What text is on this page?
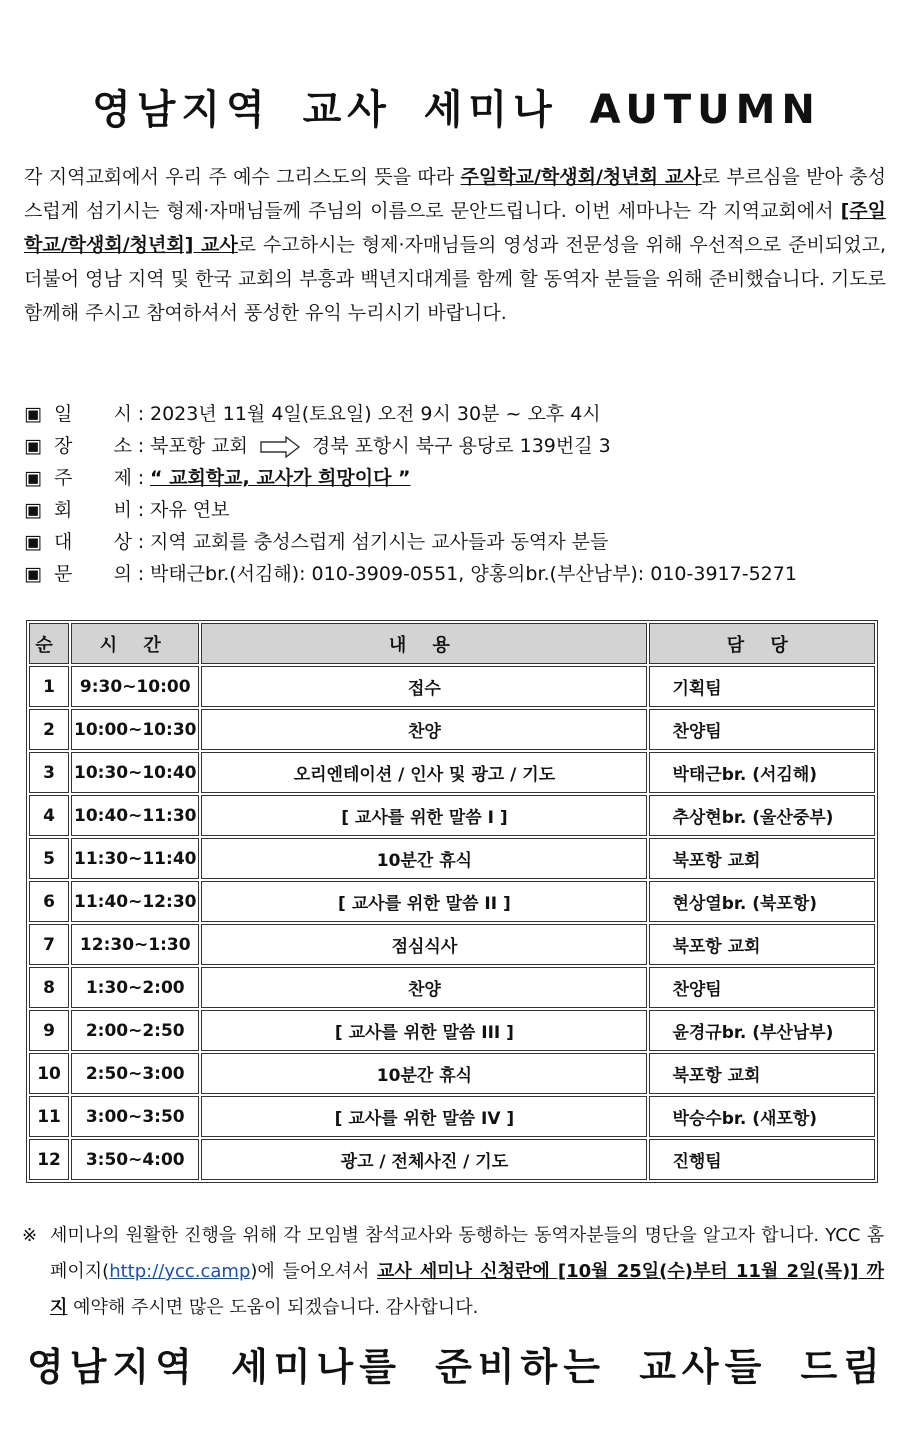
영남지역 교사 세미나 AUTUMN
각 지역교회에서 우리 주 예수 그리스도의 뜻을 따라 주일학교/학생회/청년회 교사로 부르심을 받아 충성스럽게 섬기시는 형제·자매님들께 주님의 이름으로 문안드립니다. 이번 세마나는 각 지역교회에서 [주일학교/학생회/청년회] 교사로 수고하시는 형제·자매님들의 영성과 전문성을 위해 우선적으로 준비되었고, 더불어 영남 지역 및 한국 교회의 부흥과 백년지대계를 함께 할 동역자 분들을 위해 준비했습니다. 기도로 함께해 주시고 참여하셔서 풍성한 유익 누리시기 바랍니다.
▣ 일 시 : 2023년 11월 4일(토요일) 오전 9시 30분 ~ 오후 4시
▣ 장 소 : 북포항 교회	경북 포항시 북구 용당로 139번길 3
▣ 주 제 : “ 교회학교, 교사가 희망이다 ”
▣ 회 비 : 자유 연보
▣ 대 상 : 지역 교회를 충성스럽게 섬기시는 교사들과 동역자 분들
▣ 문 의 : 박태근br.(서김해): 010-3909-0551, 양홍의br.(부산남부): 010-3917-5271
순	시 간	내 용	담 당
1	9:30~10:00	접수	기획팀
2	10:00~10:30	찬양	찬양팀
3	10:30~10:40	오리엔테이션 / 인사 및 광고 / 기도	박태근br. (서김해)
4	10:40~11:30	[ 교사를 위한 말씀 I ]	추상현br. (울산중부)
5	11:30~11:40	10분간 휴식	북포항 교회
6	11:40~12:30	[ 교사를 위한 말씀 II ]	현상열br. (북포항)
7	12:30~1:30	점심식사	북포항 교회
8	1:30~2:00	찬양	찬양팀
9	2:00~2:50	[ 교사를 위한 말씀 III ]	윤경규br. (부산남부)
10	2:50~3:00	10분간 휴식	북포항 교회
11	3:00~3:50	[ 교사를 위한 말씀 IV ]	박승수br. (새포항)
12	3:50~4:00	광고 / 전체사진 / 기도	진행팀
※ 세미나의 원활한 진행을 위해 각 모임별 참석교사와 동행하는 동역자분들의 명단을 알고자 합니다. YCC 홈페이지(http://ycc.camp)에 들어오셔서 교사 세미나 신청란에 [10월 25일(수)부터 11월 2일(목)] 까지 예약해 주시면 많은 도움이 되겠습니다. 감사합니다.
영남지역 세미나를 준비하는 교사들 드림
